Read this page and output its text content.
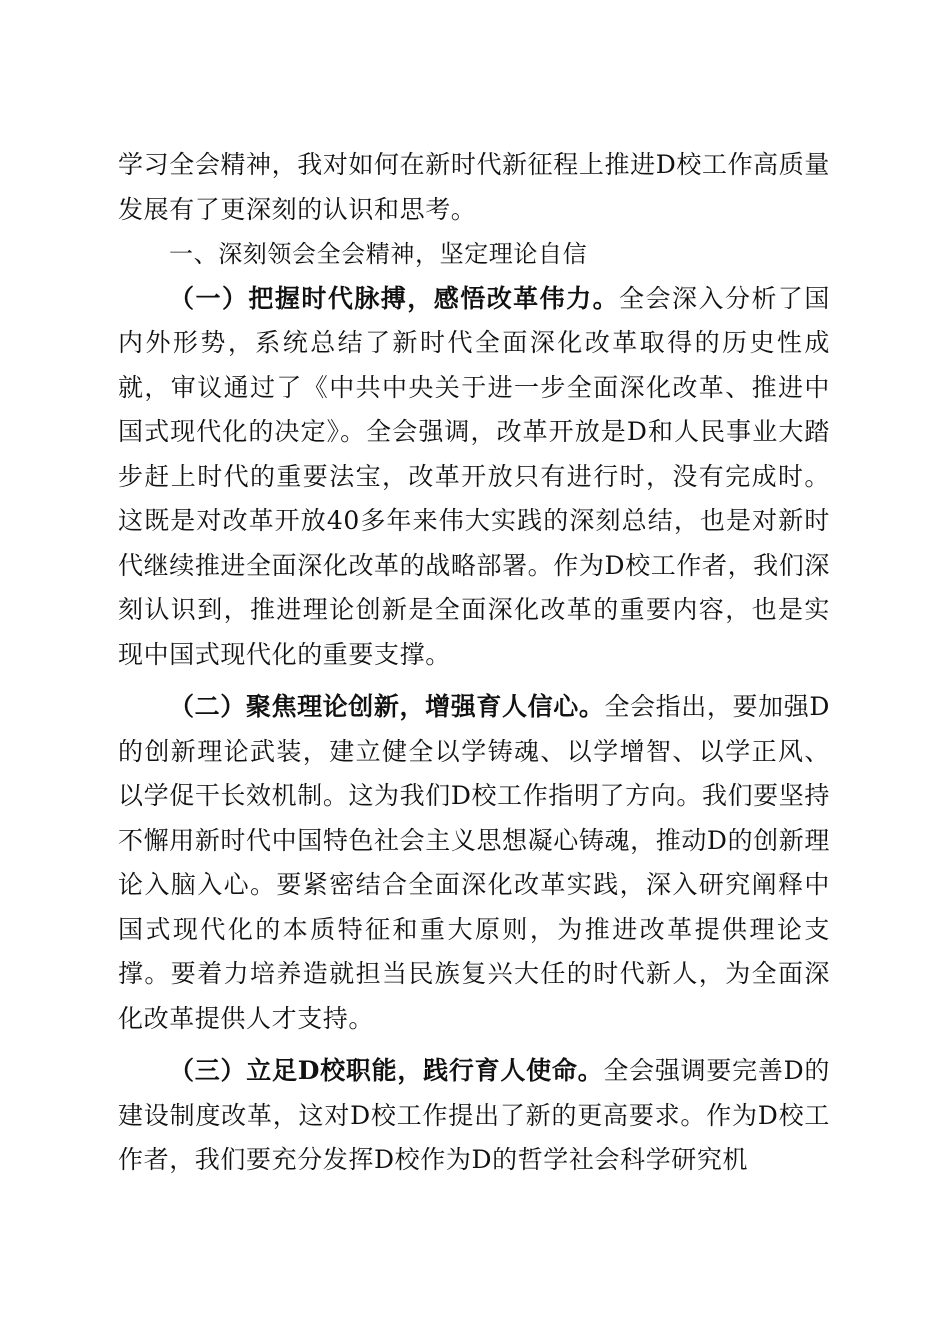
学习全会精神，我对如何在新时代新征程上推进D校工作高质量发展有了更深刻的认识和思考。

一、深刻领会全会精神，坚定理论自信

（一）把握时代脉搏，感悟改革伟力。全会深入分析了国内外形势，系统总结了新时代全面深化改革取得的历史性成就，审议通过了《中共中央关于进一步全面深化改革、推进中国式现代化的决定》。全会强调，改革开放是D和人民事业大踏步赶上时代的重要法宝，改革开放只有进行时，没有完成时。这既是对改革开放40多年来伟大实践的深刻总结，也是对新时代继续推进全面深化改革的战略部署。作为D校工作者，我们深刻认识到，推进理论创新是全面深化改革的重要内容，也是实现中国式现代化的重要支撑。

（二）聚焦理论创新，增强育人信心。全会指出，要加强D的创新理论武装，建立健全以学铸魂、以学增智、以学正风、以学促干长效机制。这为我们D校工作指明了方向。我们要坚持不懈用新时代中国特色社会主义思想凝心铸魂，推动D的创新理论入脑入心。要紧密结合全面深化改革实践，深入研究阐释中国式现代化的本质特征和重大原则，为推进改革提供理论支撑。要着力培养造就担当民族复兴大任的时代新人，为全面深化改革提供人才支持。

（三）立足D校职能，践行育人使命。全会强调要完善D的建设制度改革，这对D校工作提出了新的更高要求。作为D校工作者，我们要充分发挥D校作为D的哲学社会科学研究机
